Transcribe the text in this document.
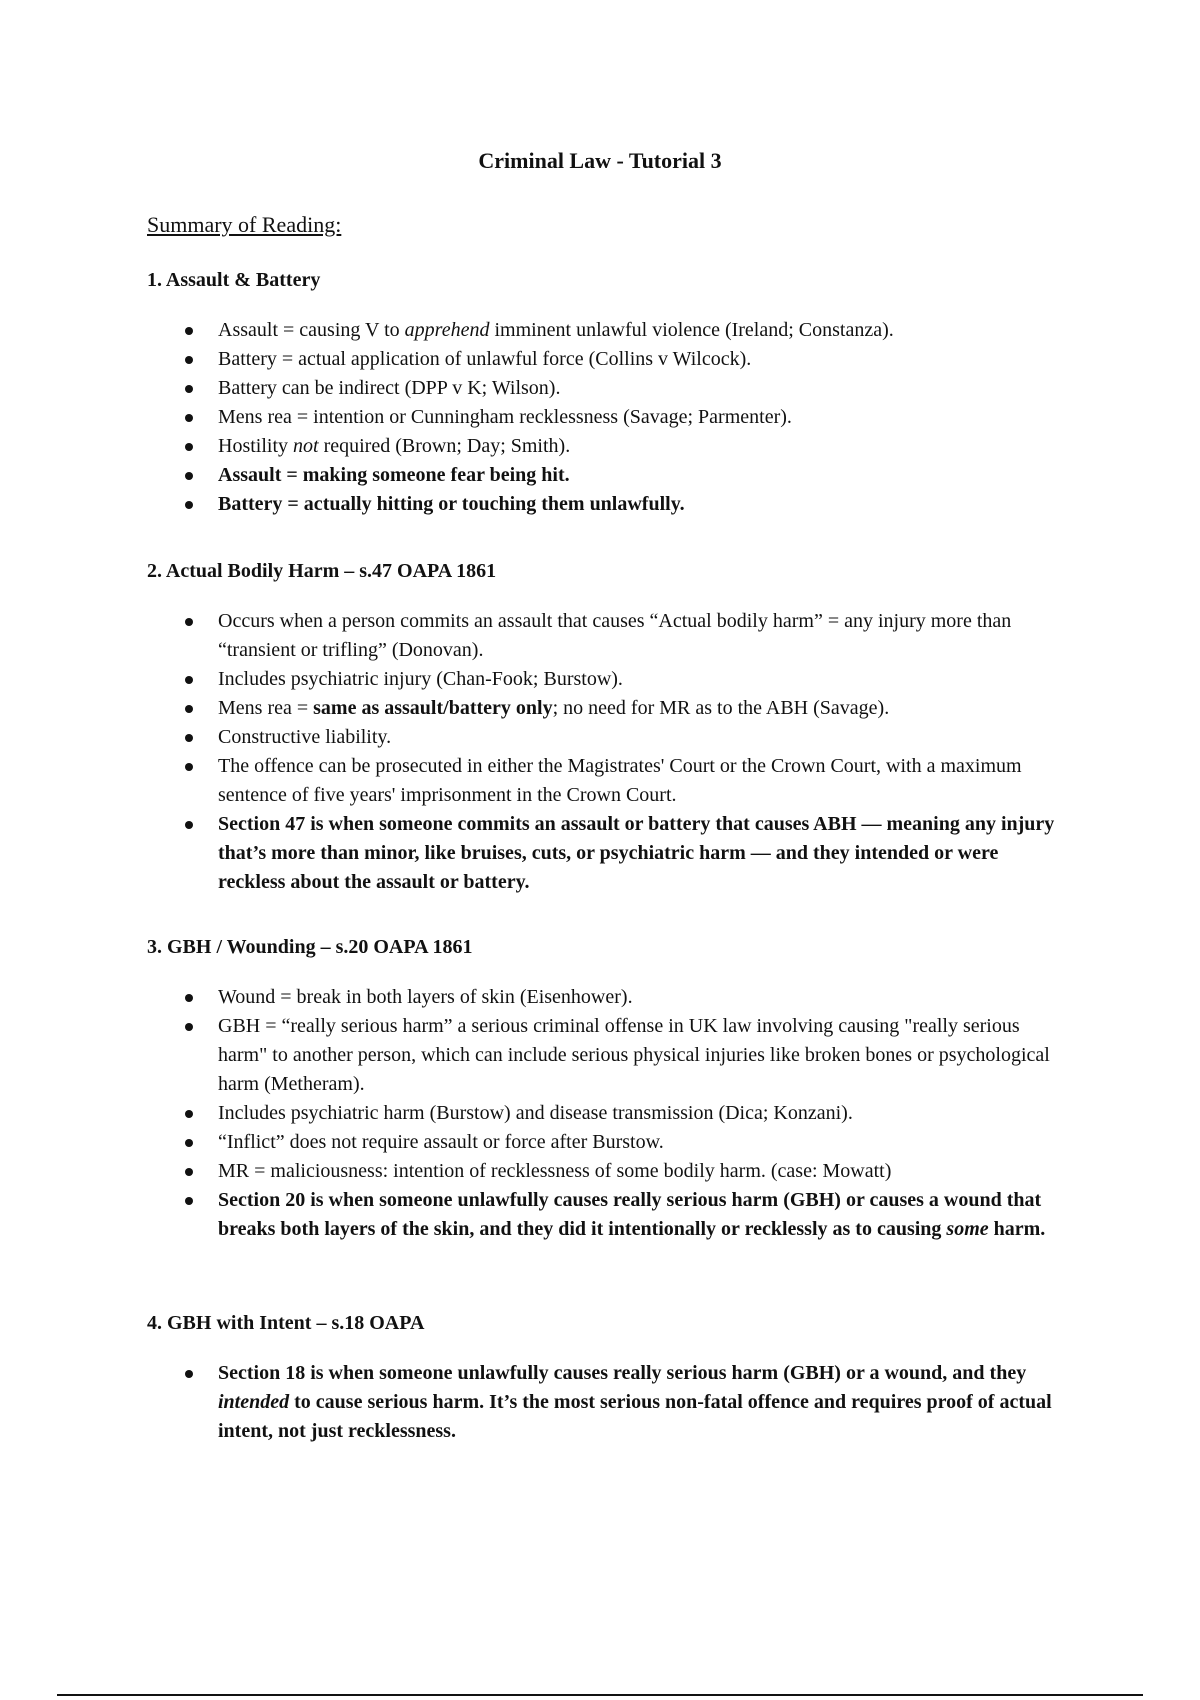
Criminal Law - Tutorial 3
Summary of Reading:
1. Assault & Battery
Assault = causing V to apprehend imminent unlawful violence (Ireland; Constanza).
Battery = actual application of unlawful force (Collins v Wilcock).
Battery can be indirect (DPP v K; Wilson).
Mens rea = intention or Cunningham recklessness (Savage; Parmenter).
Hostility not required (Brown; Day; Smith).
Assault = making someone fear being hit.
Battery = actually hitting or touching them unlawfully.
2. Actual Bodily Harm – s.47 OAPA 1861
Occurs when a person commits an assault that causes “Actual bodily harm” = any injury more than “transient or trifling” (Donovan).
Includes psychiatric injury (Chan-Fook; Burstow).
Mens rea = same as assault/battery only; no need for MR as to the ABH (Savage).
Constructive liability.
The offence can be prosecuted in either the Magistrates' Court or the Crown Court, with a maximum sentence of five years' imprisonment in the Crown Court.
Section 47 is when someone commits an assault or battery that causes ABH — meaning any injury that’s more than minor, like bruises, cuts, or psychiatric harm — and they intended or were reckless about the assault or battery.
3. GBH / Wounding – s.20 OAPA 1861
Wound = break in both layers of skin (Eisenhower).
GBH = “really serious harm” a serious criminal offense in UK law involving causing "really serious harm" to another person, which can include serious physical injuries like broken bones or psychological harm (Metheram).
Includes psychiatric harm (Burstow) and disease transmission (Dica; Konzani).
“Inflict” does not require assault or force after Burstow.
MR = maliciousness: intention of recklessness of some bodily harm. (case: Mowatt)
Section 20 is when someone unlawfully causes really serious harm (GBH) or causes a wound that breaks both layers of the skin, and they did it intentionally or recklessly as to causing some harm.
4. GBH with Intent – s.18 OAPA
Section 18 is when someone unlawfully causes really serious harm (GBH) or a wound, and they intended to cause serious harm. It’s the most serious non-fatal offence and requires proof of actual intent, not just recklessness.
